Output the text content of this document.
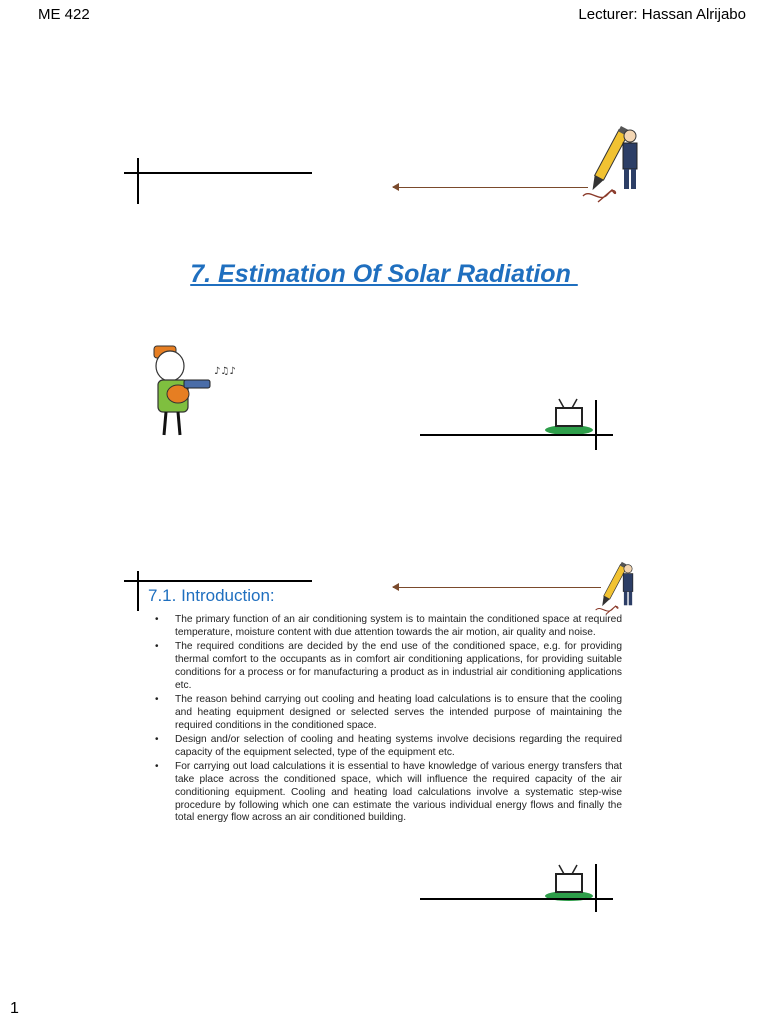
ME 422	Lecturer: Hassan Alrijabo
7. Estimation Of Solar Radiation
♪♫♪
7.1. Introduction:
• The primary function of an air conditioning system is to maintain the conditioned space at required temperature, moisture content with due attention towards the air motion, air quality and noise.
• The required conditions are decided by the end use of the conditioned space, e.g. for providing thermal comfort to the occupants as in comfort air conditioning applications, for providing suitable conditions for a process or for manufacturing a product as in industrial air conditioning applications etc.
• The reason behind carrying out cooling and heating load calculations is to ensure that the cooling and heating equipment designed or selected serves the intended purpose of maintaining the required conditions in the conditioned space.
• Design and/or selection of cooling and heating systems involve decisions regarding the required capacity of the equipment selected, type of the equipment etc.
• For carrying out load calculations it is essential to have knowledge of various energy transfers that take place across the conditioned space, which will influence the required capacity of the air conditioning equipment. Cooling and heating load calculations involve a systematic step-wise procedure by following which one can estimate the various individual energy flows and finally the total energy flow across an air conditioned building.
1
